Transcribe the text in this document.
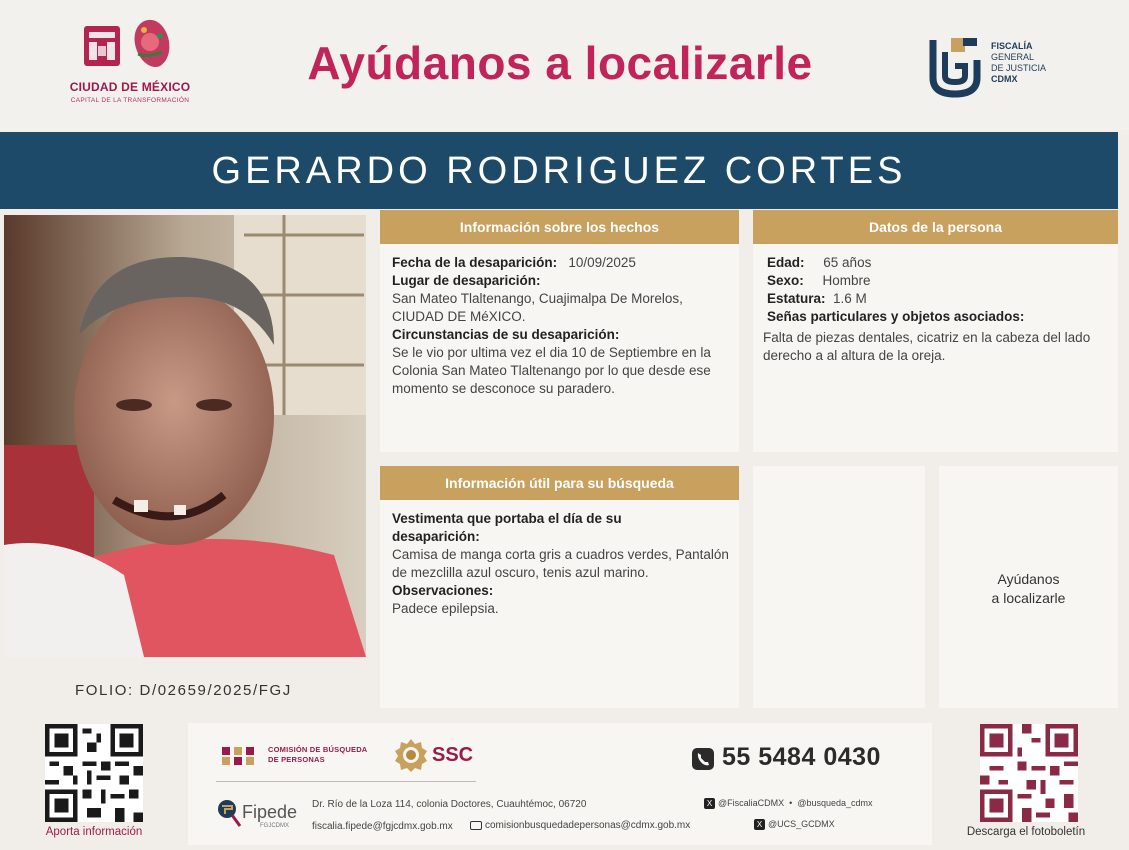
CIUDAD DE MÉXICO
CAPITAL DE LA TRANSFORMACIÓN
Ayúdanos a localizarle	FISCALÍA
GENERAL
DE JUSTICIA

CDMX
GERARDO RODRIGUEZ CORTES
FOLIO: D/02659/2025/FGJ
Información sobre los hechos
Fecha de la desaparición: 10/09/2025
Lugar de desaparición:
San Mateo Tlaltenango, Cuajimalpa De Morelos, CIUDAD DE MéXICO.
Circunstancias de su desaparición:
Se le vio por ultima vez el dia 10 de Septiembre en la Colonia San Mateo Tlaltenango por lo que desde ese momento se desconoce su paradero.
Datos de la persona
Edad: 65 años
Sexo: Hombre
Estatura: 1.6 M
Señas particulares y objetos asociados:
Falta de piezas dentales, cicatriz en la cabeza del lado derecho a al altura de la oreja.
Información útil para su búsqueda
Vestimenta que portaba el día de su desaparición:
Camisa de manga corta gris a cuadros verdes, Pantalón de mezclilla azul oscuro, tenis azul marino.
Observaciones:
Padece epilepsia.
Ayúdanos
a localizarle
Aporta información	Descarga el fotoboletín
COMISIÓN DE BÚSQUEDA
DE PERSONAS	SSC
Fipede
FGJCDMX
Dr. Río de la Loza 114, colonia Doctores, Cuauhtémoc, 06720
fiscalia.fipede@fgjcdmx.gob.mx	comisionbusquedadepersonas@cdmx.gob.mx
55 5484 0430
X @FiscaliaCDMX  •  @busqueda_cdmx
X @UCS_GCDMX
